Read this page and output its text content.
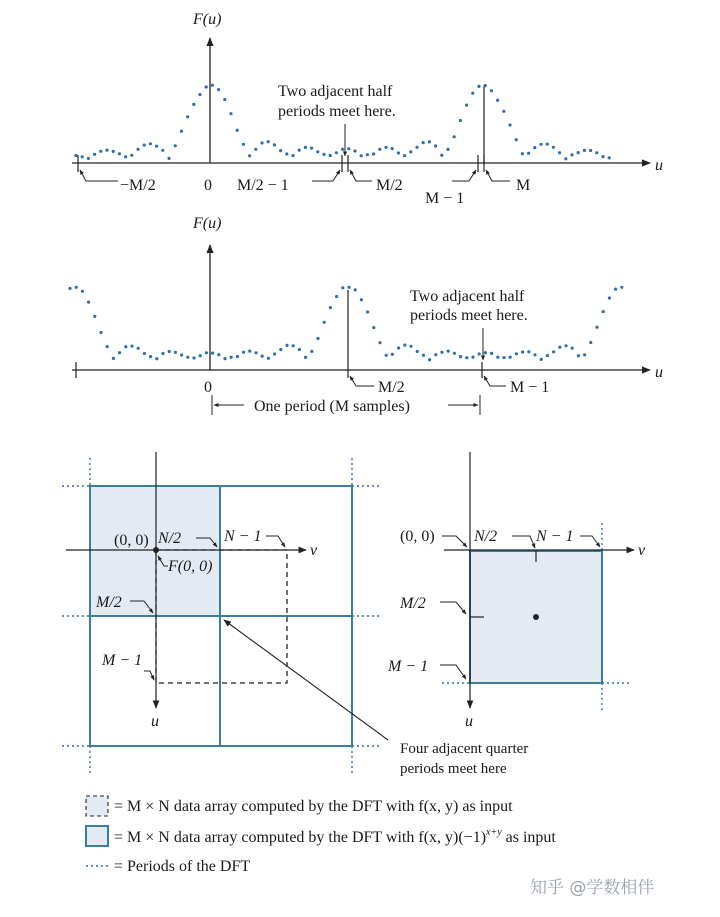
F(u)
u
−M/2	0 M/2 − 1	M/2
M − 1
M
Two adjacent half
periods meet here.
F(u)
u
0	M/2	M − 1
Two adjacent half
periods meet here.
One period (M samples)
(0, 0) N/2	N − 1
v
u
F(0, 0)
M/2
M − 1
Four adjacent quarter
periods meet here
(0, 0) N/2 N − 1
v
u
M/2
M − 1
= M × N data array computed by the DFT with f(x, y) as input
= M × N data array computed by the DFT with f(x, $y)(-1)^{x+y}$ as input
= Periods of the DFT
知乎 @学数相伴
